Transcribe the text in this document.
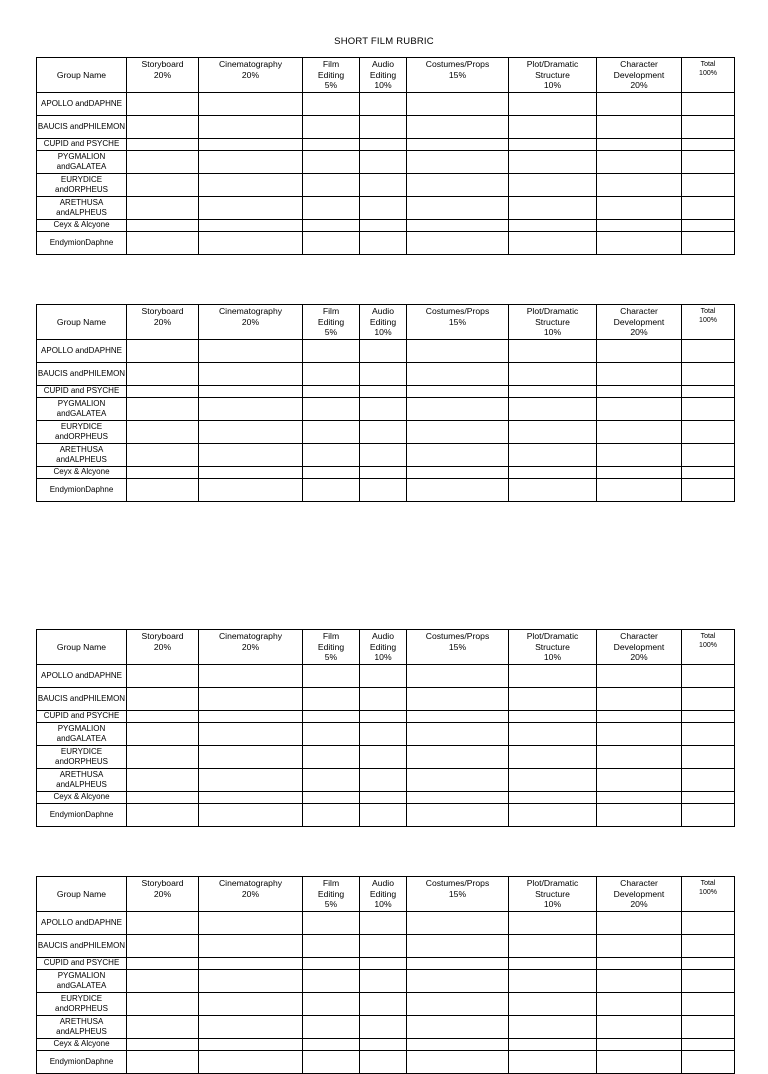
SHORT FILM RUBRIC
Group Name	Storyboard
20%	Cinematography
20%	Film
Editing
5%	Audio
Editing
10%	Costumes/Props
15%	Plot/Dramatic
Structure
10%	Character
Development
20%	Total
100%

APOLLO andDAPHNE								
BAUCIS andPHILEMON								
CUPID and PSYCHE								
PYGMALION andGALATEA								
EURYDICE andORPHEUS								
ARETHUSA andALPHEUS								
Ceyx & Alcyone								
EndymionDaphne								
Group Name	Storyboard
20%	Cinematography
20%	Film
Editing
5%	Audio
Editing
10%	Costumes/Props
15%	Plot/Dramatic
Structure
10%	Character
Development
20%	Total
100%

APOLLO andDAPHNE								
BAUCIS andPHILEMON								
CUPID and PSYCHE								
PYGMALION andGALATEA								
EURYDICE andORPHEUS								
ARETHUSA andALPHEUS								
Ceyx & Alcyone								
EndymionDaphne								
Group Name	Storyboard
20%	Cinematography
20%	Film
Editing
5%	Audio
Editing
10%	Costumes/Props
15%	Plot/Dramatic
Structure
10%	Character
Development
20%	Total
100%

APOLLO andDAPHNE								
BAUCIS andPHILEMON								
CUPID and PSYCHE								
PYGMALION andGALATEA								
EURYDICE andORPHEUS								
ARETHUSA andALPHEUS								
Ceyx & Alcyone								
EndymionDaphne								
Group Name	Storyboard
20%	Cinematography
20%	Film
Editing
5%	Audio
Editing
10%	Costumes/Props
15%	Plot/Dramatic
Structure
10%	Character
Development
20%	Total
100%

APOLLO andDAPHNE								
BAUCIS andPHILEMON								
CUPID and PSYCHE								
PYGMALION andGALATEA								
EURYDICE andORPHEUS								
ARETHUSA andALPHEUS								
Ceyx & Alcyone								
EndymionDaphne								
